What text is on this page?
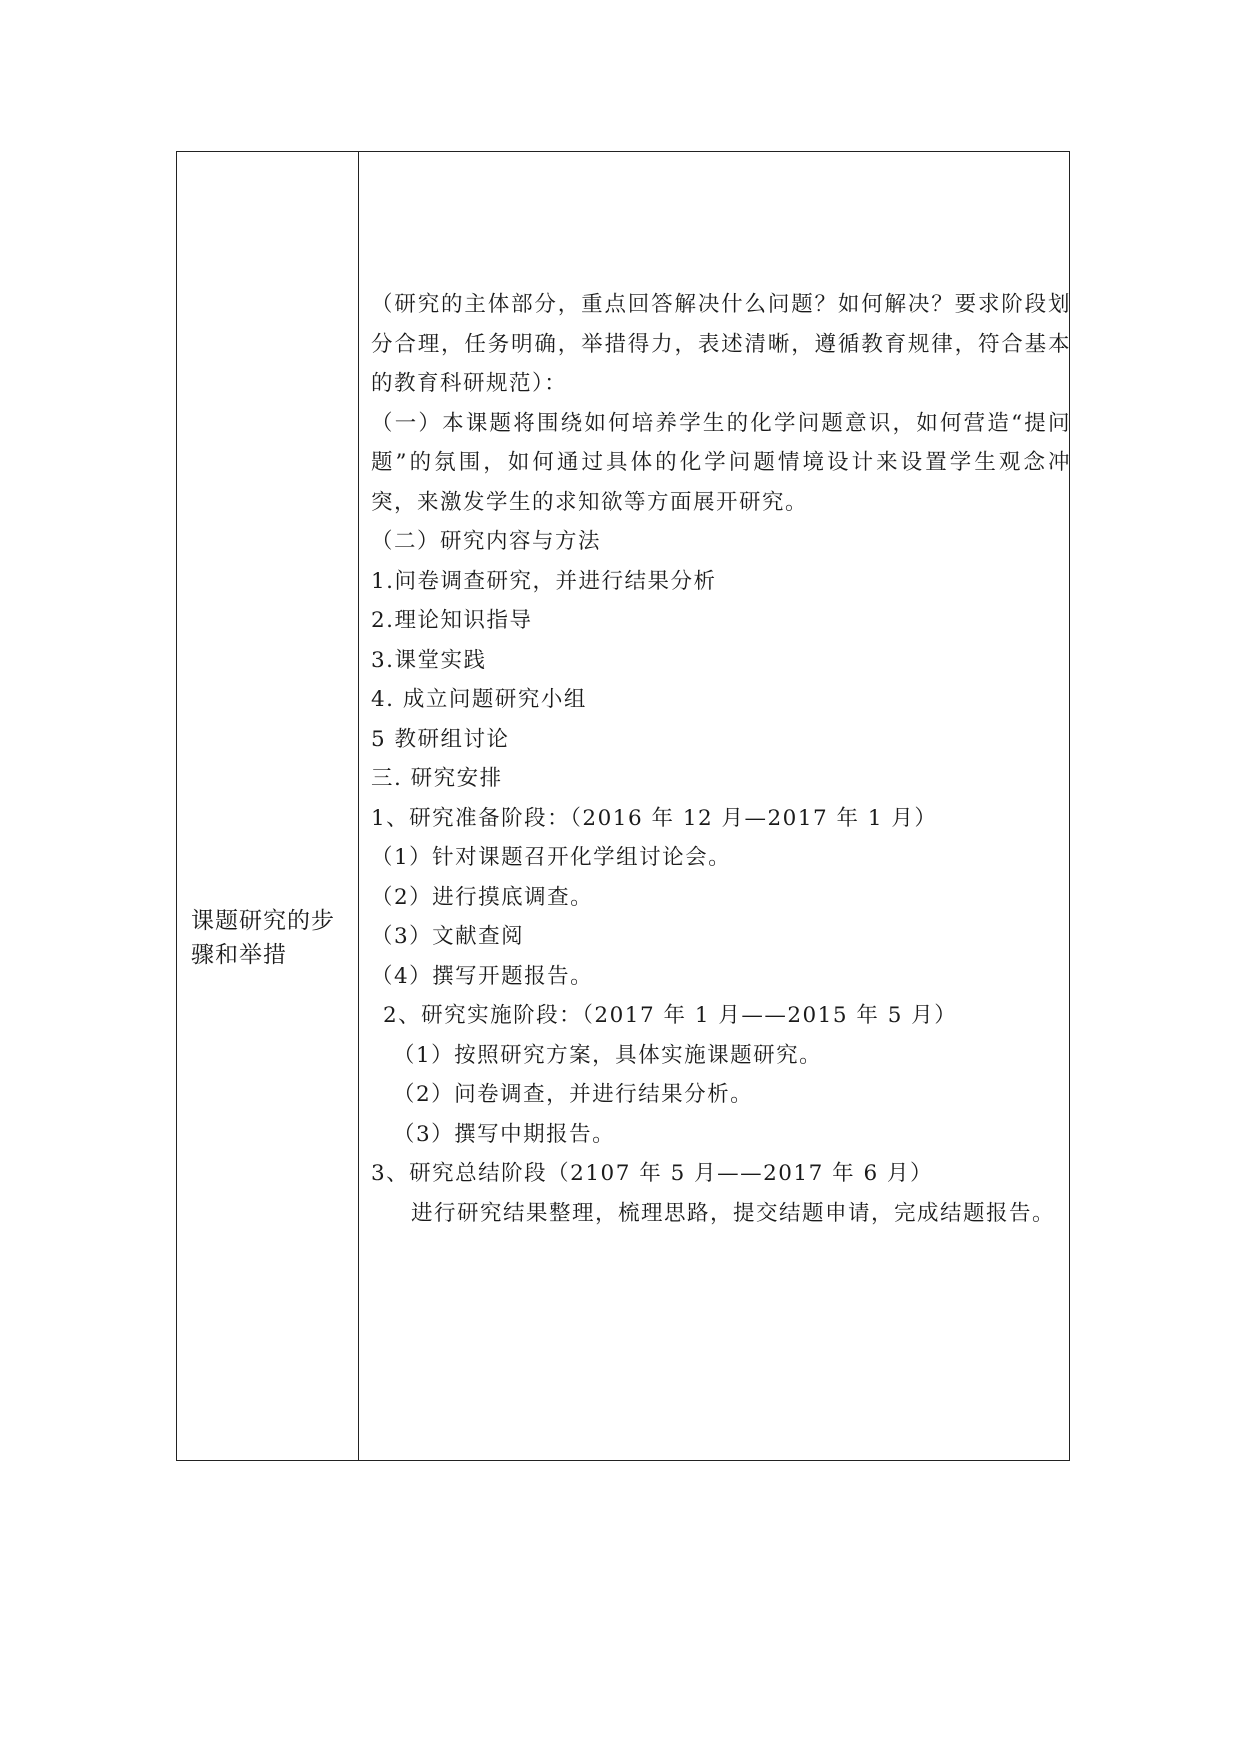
课题研究的步骤和举措

（研究的主体部分，重点回答解决什么问题？如何解决？要求阶段划分合理，任务明确，举措得力，表述清晰，遵循教育规律，符合基本的教育科研规范）：

（一）本课题将围绕如何培养学生的化学问题意识，如何营造“提问题”的氛围，如何通过具体的化学问题情境设计来设置学生观念冲突，来激发学生的求知欲等方面展开研究。

（二）研究内容与方法

1.问卷调查研究，并进行结果分析

2.理论知识指导

3.课堂实践

4. 成立问题研究小组

5 教研组讨论

三. 研究安排

1、研究准备阶段：（2016 年 12 月—2017 年 1 月）

（1）针对课题召开化学组讨论会。

（2）进行摸底调查。

（3）文献查阅

（4）撰写开题报告。

2、研究实施阶段：（2017 年 1 月——2015 年 5 月）

（1）按照研究方案，具体实施课题研究。

（2）问卷调查，并进行结果分析。

（3）撰写中期报告。

3、研究总结阶段（2107 年 5 月——2017 年 6 月）

进行研究结果整理，梳理思路，提交结题申请，完成结题报告。
